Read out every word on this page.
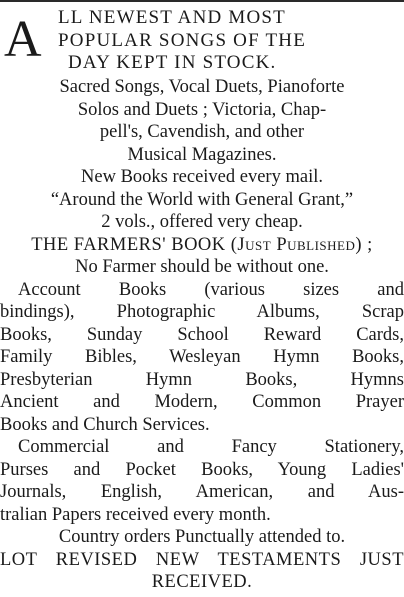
A LL NEWEST AND MOST
POPULAR SONGS OF THE
DAY KEPT IN STOCK.
Sacred Songs, Vocal Duets, Pianoforte
Solos and Duets ; Victoria, Chap-
pell's, Cavendish, and other
Musical Magazines.
New Books received every mail.
“Around the World with General Grant,”
2 vols., offered very cheap.
THE FARMERS' BOOK (Just Published) ;
No Farmer should be without one.
Account Books (various sizes and
bindings), Photographic Albums, Scrap
Books, Sunday School Reward Cards,
Family Bibles, Wesleyan Hymn Books,
Presbyterian Hymn Books, Hymns
Ancient and Modern, Common Prayer
Books and Church Services.
Commercial and Fancy Stationery,
Purses and Pocket Books, Young Ladies'
Journals, English, American, and Aus-
tralian Papers received every month.
Country orders Punctually attended to.
LOT REVISED NEW TESTAMENTS JUST
RECEIVED.
